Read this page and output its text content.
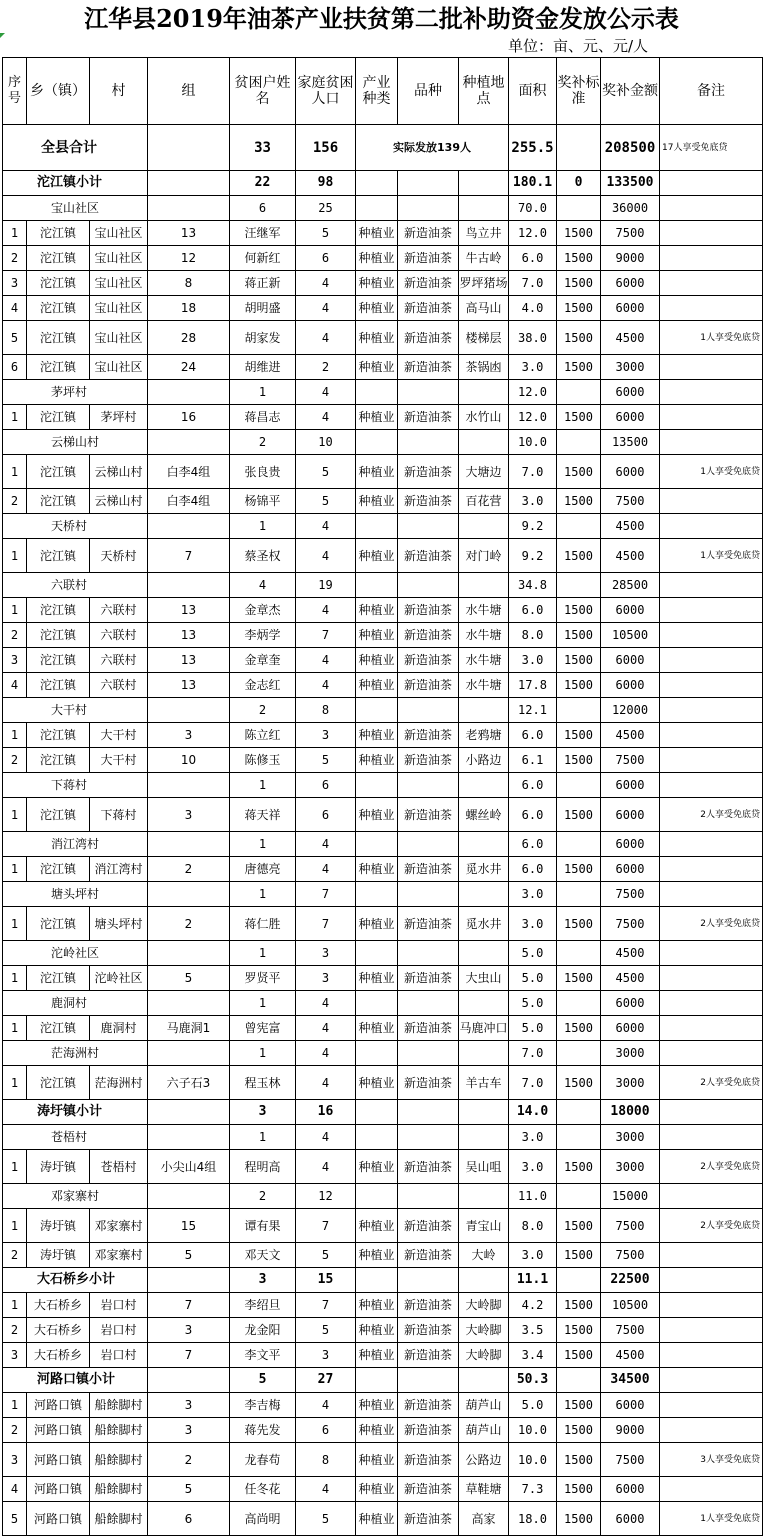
江华县2019年油茶产业扶贫第二批补助资金发放公示表
单位：亩、元、元/人
序号	乡（镇）	村	组	贫困户姓名	家庭贫困人口	产业种类	品种	种植地点	面积	奖补标准	奖补金额	备注
全县合计				33	156	实际发放139人			255.5		208500	17人享受免底贷
沱江镇小计				22	98				180.1	0	133500	
宝山社区				6	25				70.0		36000	
1	沱江镇	宝山社区	13	汪继军	5	种植业	新造油茶	鸟立井	12.0	1500	7500	
2	沱江镇	宝山社区	12	何新红	6	种植业	新造油茶	牛古岭	6.0	1500	9000	
3	沱江镇	宝山社区	8	蒋正新	4	种植业	新造油茶	罗坪猪场	7.0	1500	6000	
4	沱江镇	宝山社区	18	胡明盛	4	种植业	新造油茶	高马山	4.0	1500	6000	
5	沱江镇	宝山社区	28	胡家发	4	种植业	新造油茶	楼梯层	38.0	1500	4500	1人享受免底贷
6	沱江镇	宝山社区	24	胡维进	2	种植业	新造油茶	茶锅凼	3.0	1500	3000	
茅坪村				1	4				12.0		6000	
1	沱江镇	茅坪村	16	蒋昌志	4	种植业	新造油茶	水竹山	12.0	1500	6000	
云梯山村				2	10				10.0		13500	
1	沱江镇	云梯山村	白李4组	张良贵	5	种植业	新造油茶	大塘边	7.0	1500	6000	1人享受免底贷
2	沱江镇	云梯山村	白李4组	杨锦平	5	种植业	新造油茶	百花营	3.0	1500	7500	
天桥村				1	4				9.2		4500	
1	沱江镇	天桥村	7	蔡圣权	4	种植业	新造油茶	对门岭	9.2	1500	4500	1人享受免底贷
六联村				4	19				34.8		28500	
1	沱江镇	六联村	13	金章杰	4	种植业	新造油茶	水牛塘	6.0	1500	6000	
2	沱江镇	六联村	13	李炳学	7	种植业	新造油茶	水牛塘	8.0	1500	10500	
3	沱江镇	六联村	13	金章奎	4	种植业	新造油茶	水牛塘	3.0	1500	6000	
4	沱江镇	六联村	13	金志红	4	种植业	新造油茶	水牛塘	17.8	1500	6000	
大干村				2	8				12.1		12000	
1	沱江镇	大干村	3	陈立红	3	种植业	新造油茶	老鸦塘	6.0	1500	4500	
2	沱江镇	大干村	10	陈修玉	5	种植业	新造油茶	小路边	6.1	1500	7500	
下蒋村				1	6				6.0		6000	
1	沱江镇	下蒋村	3	蒋天祥	6	种植业	新造油茶	螺丝岭	6.0	1500	6000	2人享受免底贷
消江湾村				1	4				6.0		6000	
1	沱江镇	消江湾村	2	唐德亮	4	种植业	新造油茶	觅水井	6.0	1500	6000	
塘头坪村				1	7				3.0		7500	
1	沱江镇	塘头坪村	2	蒋仁胜	7	种植业	新造油茶	觅水井	3.0	1500	7500	2人享受免底贷
沱岭社区				1	3				5.0		4500	
1	沱江镇	沱岭社区	5	罗贤平	3	种植业	新造油茶	大虫山	5.0	1500	4500	
鹿洞村				1	4				5.0		6000	
1	沱江镇	鹿洞村	马鹿洞1	曾宪富	4	种植业	新造油茶	马鹿冲口	5.0	1500	6000	
茫海洲村				1	4				7.0		3000	
1	沱江镇	茫海洲村	六子石3	程玉林	4	种植业	新造油茶	羊古车	7.0	1500	3000	2人享受免底贷
涛圩镇小计				3	16				14.0		18000	
苍梧村				1	4				3.0		3000	
1	涛圩镇	苍梧村	小尖山4组	程明高	4	种植业	新造油茶	吴山咀	3.0	1500	3000	2人享受免底贷
邓家寨村				2	12				11.0		15000	
1	涛圩镇	邓家寨村	15	谭有果	7	种植业	新造油茶	青宝山	8.0	1500	7500	2人享受免底贷
2	涛圩镇	邓家寨村	5	邓天文	5	种植业	新造油茶	大岭	3.0	1500	7500	
大石桥乡小计				3	15				11.1		22500	
1	大石桥乡	岩口村	7	李绍旦	7	种植业	新造油茶	大岭脚	4.2	1500	10500	
2	大石桥乡	岩口村	3	龙金阳	5	种植业	新造油茶	大岭脚	3.5	1500	7500	
3	大石桥乡	岩口村	7	李文平	3	种植业	新造油茶	大岭脚	3.4	1500	4500	
河路口镇小计				5	27				50.3		34500	
1	河路口镇	船餘脚村	3	李吉梅	4	种植业	新造油茶	葫芦山	5.0	1500	6000	
2	河路口镇	船餘脚村	3	蒋先发	6	种植业	新造油茶	葫芦山	10.0	1500	9000	
3	河路口镇	船餘脚村	2	龙春苟	8	种植业	新造油茶	公路边	10.0	1500	7500	3人享受免底贷
4	河路口镇	船餘脚村	5	任冬花	4	种植业	新造油茶	草鞋塘	7.3	1500	6000	
5	河路口镇	船餘脚村	6	高尚明	5	种植业	新造油茶	高家	18.0	1500	6000	1人享受免底贷
